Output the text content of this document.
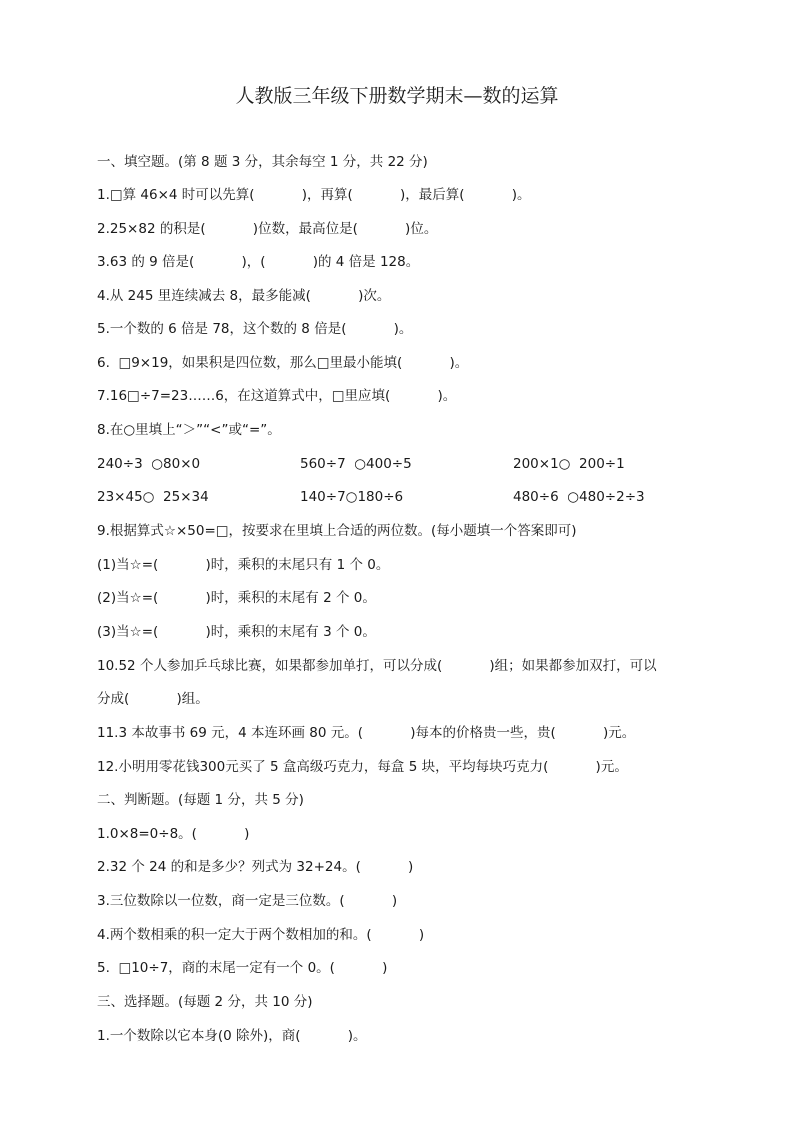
人教版三年级下册数学期末—数的运算
一、填空题。(第 8 题 3 分，其余每空 1 分，共 22 分)
1.□算 46×4 时可以先算(           )，再算(           )，最后算(           )。
2.25×82 的积是(           )位数，最高位是(           )位。
3.63 的 9 倍是(           )，(           )的 4 倍是 128。
4.从 245 里连续减去 8，最多能减(           )次。
5.一个数的 6 倍是 78，这个数的 8 倍是(           )。
6.  □9×19，如果积是四位数，那么□里最小能填(           )。
7.16□÷7=23……6，在这道算式中，□里应填(           )。
8.在○里填上“＞”“<”或“=”。
240÷3  ○80×0	560÷7  ○400÷5	200×1○  200÷1
23×45○  25×34	140÷7○180÷6	480÷6  ○480÷2÷3
9.根据算式☆×50=□，按要求在里填上合适的两位数。(每小题填一个答案即可)
(1)当☆=(           )时，乘积的末尾只有 1 个 0。
(2)当☆=(           )时，乘积的末尾有 2 个 0。
(3)当☆=(           )时，乘积的末尾有 3 个 0。
10.52 个人参加乒乓球比赛，如果都参加单打，可以分成(           )组；如果都参加双打，可以
分成(           )组。
11.3 本故事书 69 元，4 本连环画 80 元。(           )每本的价格贵一些，贵(           )元。
12.小明用零花钱300元买了 5 盒高级巧克力，每盒 5 块，平均每块巧克力(           )元。
二、判断题。(每题 1 分，共 5 分)
1.0×8=0÷8。(           )
2.32 个 24 的和是多少？列式为 32+24。(           )
3.三位数除以一位数，商一定是三位数。(           )
4.两个数相乘的积一定大于两个数相加的和。(           )
5.  □10÷7，商的末尾一定有一个 0。(           )
三、选择题。(每题 2 分，共 10 分)
1.一个数除以它本身(0 除外)，商(           )。
